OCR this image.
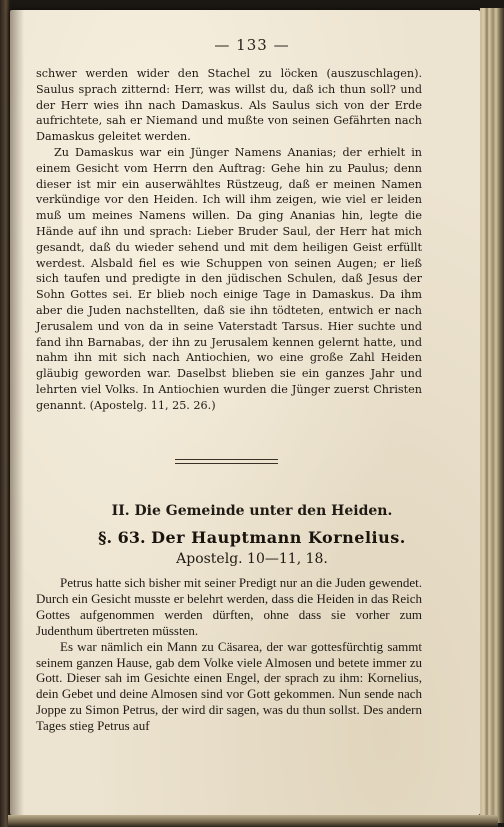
— 133 —

schwer werden wider den Stachel zu löcken (auszuschlagen). Saulus sprach zitternd: Herr, was willst du, daß ich thun soll? und der Herr wies ihn nach Damaskus. Als Saulus sich von der Erde aufrichtete, sah er Niemand und mußte von seinen Gefährten nach Damaskus geleitet werden.

Zu Damaskus war ein Jünger Namens Ananias; der erhielt in einem Gesicht vom Herrn den Auftrag: Gehe hin zu Paulus; denn dieser ist mir ein auserwähltes Rüstzeug, daß er meinen Namen verkündige vor den Heiden. Ich will ihm zeigen, wie viel er leiden muß um meines Namens willen. Da ging Ananias hin, legte die Hände auf ihn und sprach: Lieber Bruder Saul, der Herr hat mich gesandt, daß du wieder sehend und mit dem heiligen Geist erfüllt werdest. Alsbald fiel es wie Schuppen von seinen Augen; er ließ sich taufen und predigte in den jüdischen Schulen, daß Jesus der Sohn Gottes sei. Er blieb noch einige Tage in Damaskus. Da ihm aber die Juden nachstellten, daß sie ihn tödteten, entwich er nach Jerusalem und von da in seine Vaterstadt Tarsus. Hier suchte und fand ihn Barnabas, der ihn zu Jerusalem kennen gelernt hatte, und nahm ihn mit sich nach Antiochien, wo eine große Zahl Heiden gläubig geworden war. Daselbst blieben sie ein ganzes Jahr und lehrten viel Volks. In Antiochien wurden die Jünger zuerst Christen genannt. (Apostelg. 11, 25. 26.)

II. Die Gemeinde unter den Heiden.
§. 63. Der Hauptmann Kornelius.
Apostelg. 10—11, 18.

Petrus hatte sich bisher mit seiner Predigt nur an die Juden gewendet. Durch ein Gesicht musste er belehrt werden, dass die Heiden in das Reich Gottes aufgenommen werden dürften, ohne dass sie vorher zum Judenthum übertreten müssten.

Es war nämlich ein Mann zu Cäsarea, der war gottesfürchtig sammt seinem ganzen Hause, gab dem Volke viele Almosen und betete immer zu Gott. Dieser sah im Gesichte einen Engel, der sprach zu ihm: Kornelius, dein Gebet und deine Almosen sind vor Gott gekommen. Nun sende nach Joppe zu Simon Petrus, der wird dir sagen, was du thun sollst. Des andern Tages stieg Petrus auf
